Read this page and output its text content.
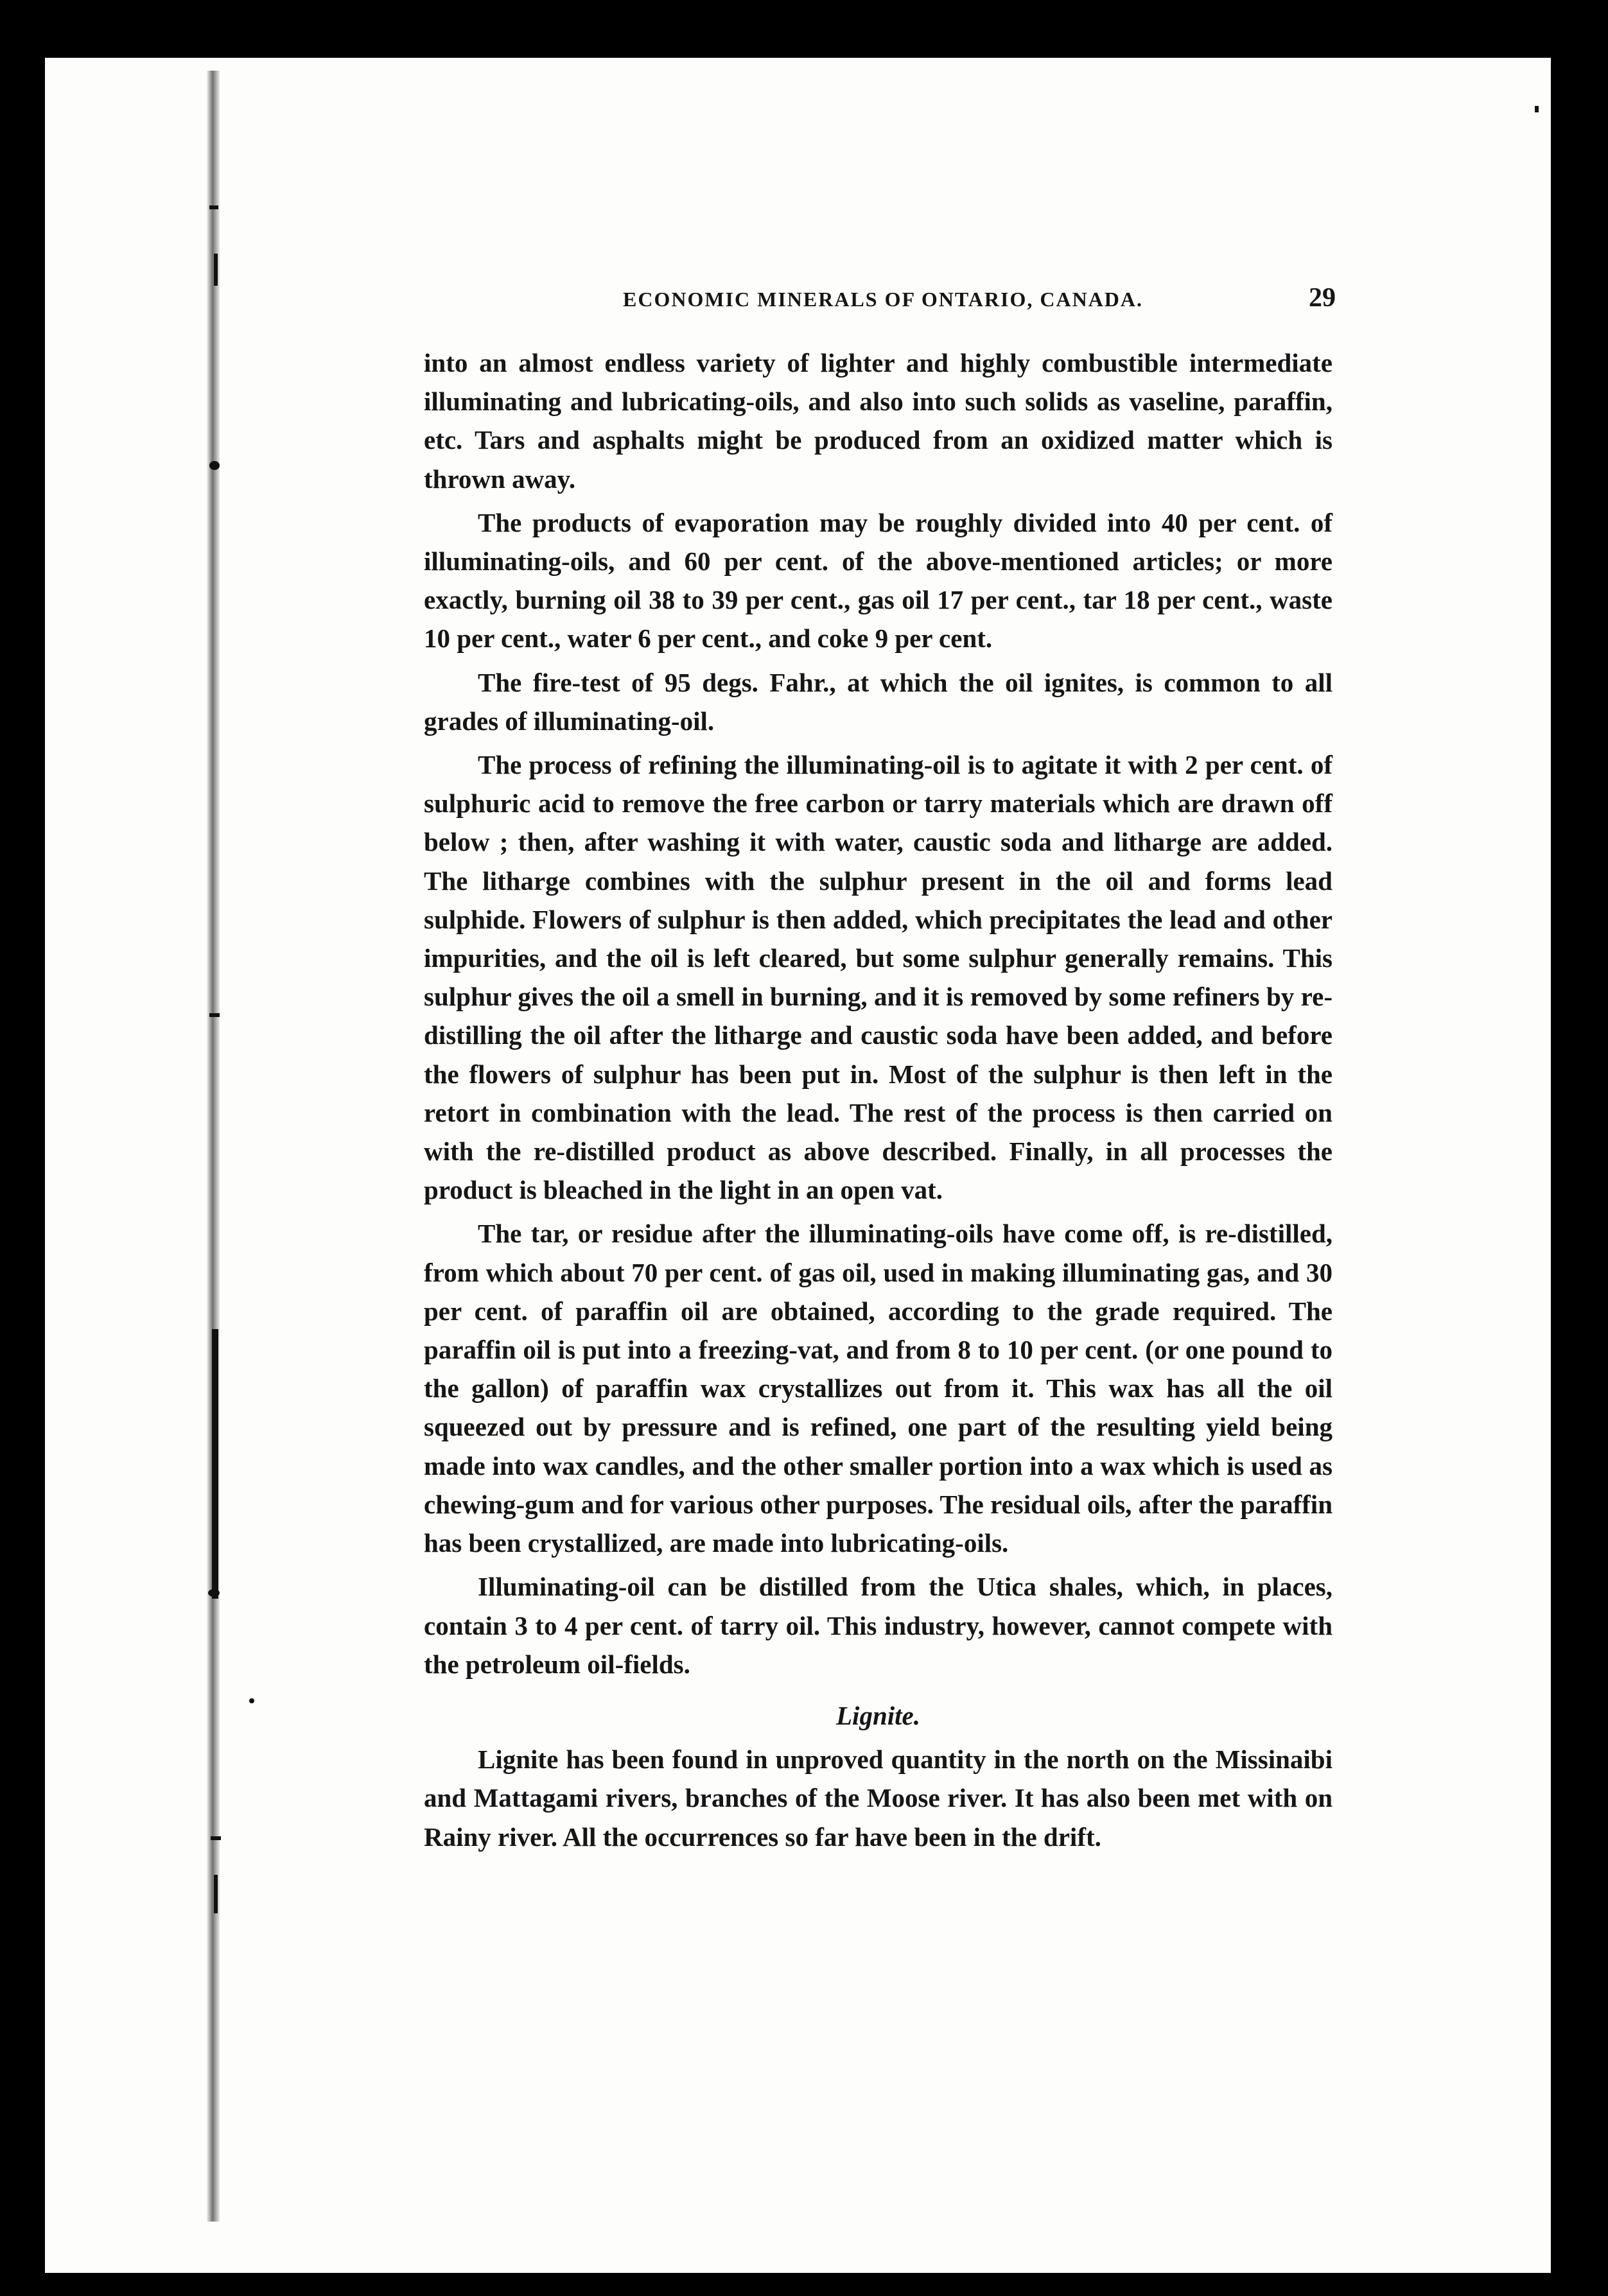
ECONOMIC MINERALS OF ONTARIO, CANADA.	29

into an almost endless variety of lighter and highly combustible intermediate illuminating and lubricating-oils, and also into such solids as vaseline, paraffin, etc. Tars and asphalts might be produced from an oxidized matter which is thrown away.

The products of evaporation may be roughly divided into 40 per cent. of illuminating-oils, and 60 per cent. of the above-mentioned articles; or more exactly, burning oil 38 to 39 per cent., gas oil 17 per cent., tar 18 per cent., waste 10 per cent., water 6 per cent., and coke 9 per cent.

The fire-test of 95 degs. Fahr., at which the oil ignites, is common to all grades of illuminating-oil.

The process of refining the illuminating-oil is to agitate it with 2 per cent. of sulphuric acid to remove the free carbon or tarry materials which are drawn off below ; then, after washing it with water, caustic soda and litharge are added. The litharge combines with the sulphur present in the oil and forms lead sulphide. Flowers of sulphur is then added, which precipitates the lead and other impurities, and the oil is left cleared, but some sulphur generally remains. This sulphur gives the oil a smell in burning, and it is removed by some refiners by re-distilling the oil after the litharge and caustic soda have been added, and before the flowers of sulphur has been put in. Most of the sulphur is then left in the retort in combination with the lead. The rest of the process is then carried on with the re-distilled product as above described. Finally, in all processes the product is bleached in the light in an open vat.

The tar, or residue after the illuminating-oils have come off, is re-distilled, from which about 70 per cent. of gas oil, used in making illuminating gas, and 30 per cent. of paraffin oil are obtained, according to the grade required. The paraffin oil is put into a freezing-vat, and from 8 to 10 per cent. (or one pound to the gallon) of paraffin wax crystallizes out from it. This wax has all the oil squeezed out by pressure and is refined, one part of the resulting yield being made into wax candles, and the other smaller portion into a wax which is used as chewing-gum and for various other purposes. The residual oils, after the paraffin has been crystallized, are made into lubricating-oils.

Illuminating-oil can be distilled from the Utica shales, which, in places, contain 3 to 4 per cent. of tarry oil. This industry, however, cannot compete with the petroleum oil-fields.

Lignite.

Lignite has been found in unproved quantity in the north on the Missinaibi and Mattagami rivers, branches of the Moose river. It has also been met with on Rainy river. All the occurrences so far have been in the drift.
